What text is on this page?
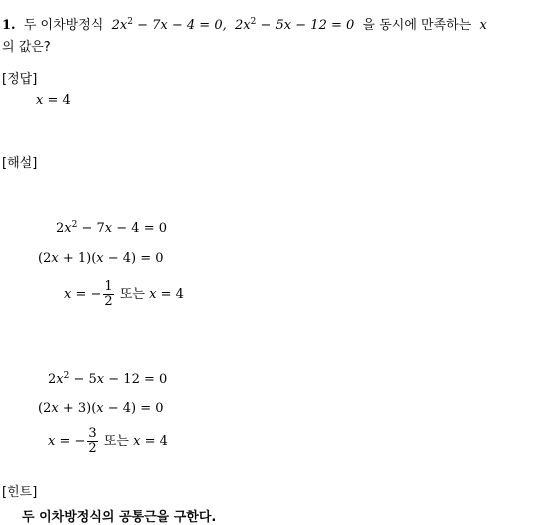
1. 두 이차방정식 $2x^2 - 7x - 4 = 0$, $2x^2 - 5x - 12 = 0$ 을 동시에 만족하는 x
의 값은?
[정답]
x = 4
[해설]
$2x^2 - 7x - 4 = 0$
(2x + 1)(x − 4) = 0
x = − $\frac{1}{2}$ 또는 x = 4
$2x^2 - 5x - 12 = 0$
(2x + 3)(x − 4) = 0
x = − $\frac{3}{2}$ 또는 x = 4
[힌트]
두 이차방정식의 공통근을 구한다.
